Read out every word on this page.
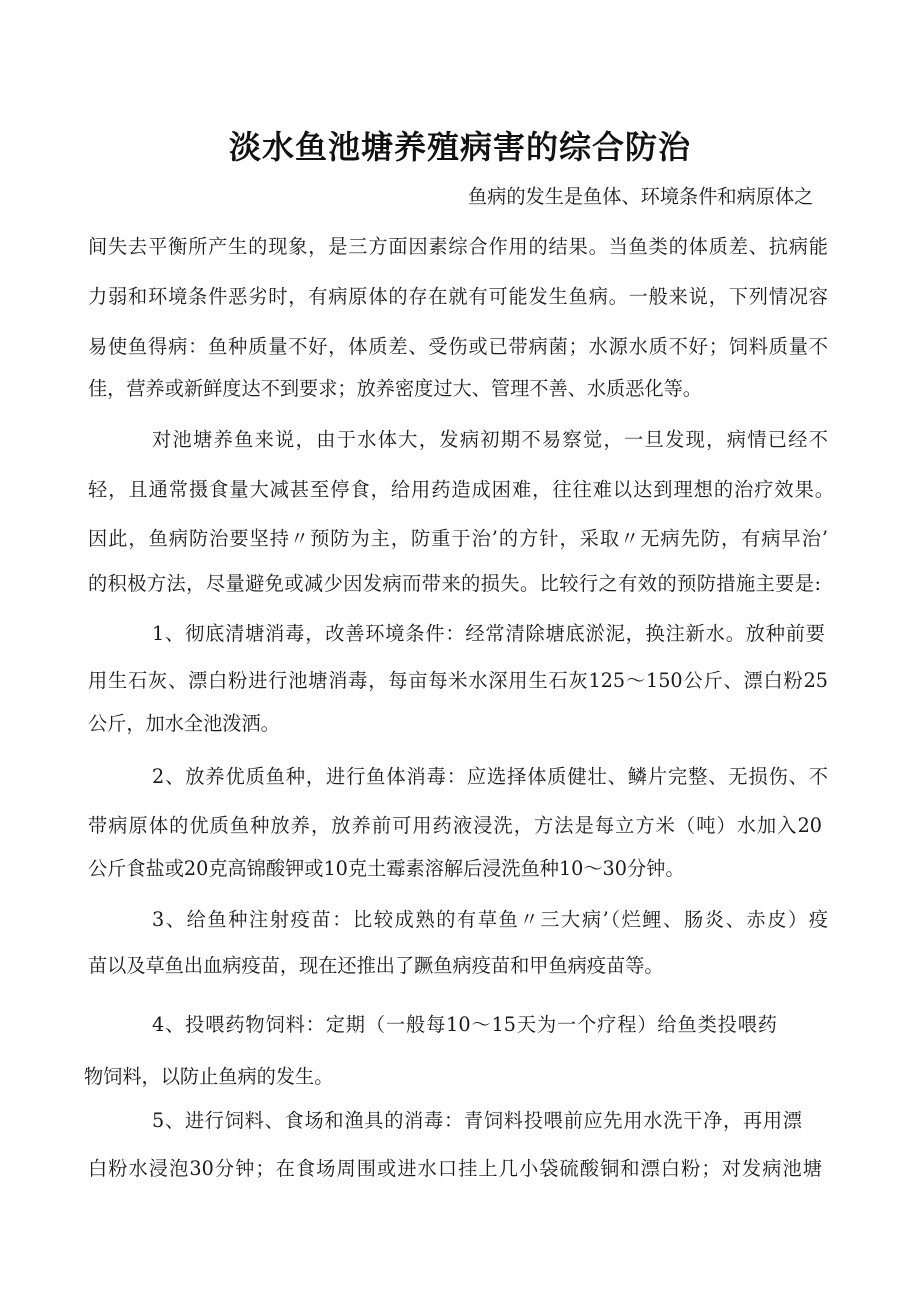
淡水鱼池塘养殖病害的综合防治

鱼病的发生是鱼体、环境条件和病原体之

间失去平衡所产生的现象，是三方面因素综合作用的结果。当鱼类的体质差、抗病能

力弱和环境条件恶劣时，有病原体的存在就有可能发生鱼病。一般来说，下列情况容

易使鱼得病：鱼种质量不好，体质差、受伤或已带病菌；水源水质不好；饲料质量不

佳，营养或新鲜度达不到要求；放养密度过大、管理不善、水质恶化等。

对池塘养鱼来说，由于水体大，发病初期不易察觉，一旦发现，病情已经不

轻，且通常摄食量大减甚至停食，给用药造成困难，往往难以达到理想的治疗效果。

因此，鱼病防治要坚持〃预防为主，防重于治’的方针，采取〃无病先防，有病早治’

的积极方法，尽量避免或减少因发病而带来的损失。比较行之有效的预防措施主要是:

1、彻底清塘消毒，改善环境条件：经常清除塘底淤泥，换注新水。放种前要

用生石灰、漂白粉进行池塘消毒，每亩每米水深用生石灰125～150公斤、漂白粉25

公斤，加水全池泼洒。

2、放养优质鱼种，进行鱼体消毒：应选择体质健壮、鳞片完整、无损伤、不

带病原体的优质鱼种放养，放养前可用药液浸洗，方法是每立方米（吨）水加入20

公斤食盐或20克高锦酸钾或10克土霉素溶解后浸洗鱼种10～30分钟。

3、给鱼种注射疫苗：比较成熟的有草鱼〃三大病’（烂鲤、肠炎、赤皮）疫

苗以及草鱼出血病疫苗，现在还推出了蹶鱼病疫苗和甲鱼病疫苗等。

4、投喂药物饲料：定期（一般每10～15天为一个疗程）给鱼类投喂药

物饲料，以防止鱼病的发生。

5、进行饲料、食场和渔具的消毒：青饲料投喂前应先用水洗干净，再用漂

白粉水浸泡30分钟；在食场周围或进水口挂上几小袋硫酸铜和漂白粉；对发病池塘
